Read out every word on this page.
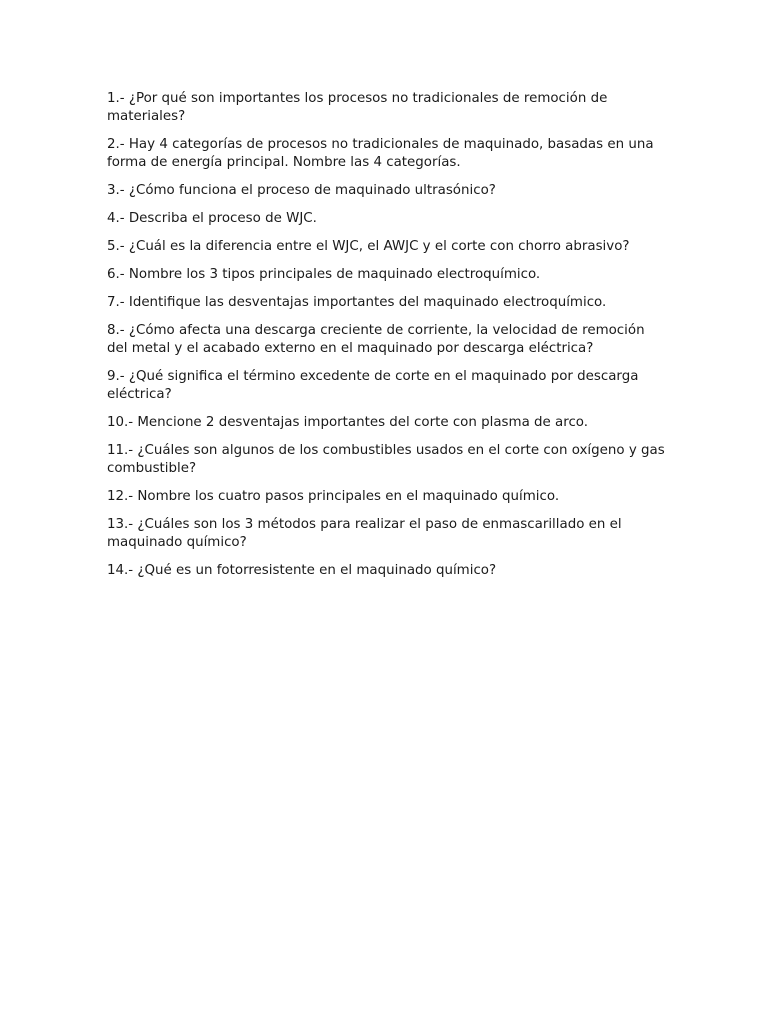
1.- ¿Por qué son importantes los procesos no tradicionales de remoción de materiales?
2.- Hay 4 categorías de procesos no tradicionales de maquinado, basadas en una forma de energía principal. Nombre las 4 categorías.
3.- ¿Cómo funciona el proceso de maquinado ultrasónico?
4.- Describa el proceso de WJC.
5.- ¿Cuál es la diferencia entre el WJC, el AWJC y el corte con chorro abrasivo?
6.- Nombre los 3 tipos principales de maquinado electroquímico.
7.- Identifique las desventajas importantes del maquinado electroquímico.
8.- ¿Cómo afecta una descarga creciente de corriente, la velocidad de remoción del metal y el acabado externo en el maquinado por descarga eléctrica?
9.- ¿Qué significa el término excedente de corte en el maquinado por descarga eléctrica?
10.- Mencione 2 desventajas importantes del corte con plasma de arco.
11.- ¿Cuáles son algunos de los combustibles usados en el corte con oxígeno y gas combustible?
12.- Nombre los cuatro pasos principales en el maquinado químico.
13.- ¿Cuáles son los 3 métodos para realizar el paso de enmascarillado en el maquinado químico?
14.- ¿Qué es un fotorresistente en el maquinado químico?
